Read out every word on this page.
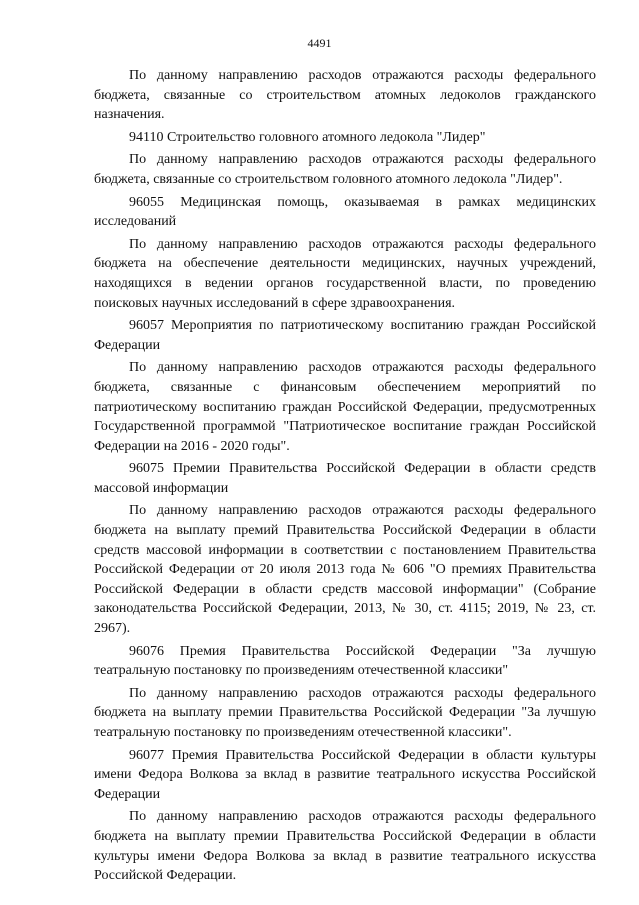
4491

По данному направлению расходов отражаются расходы федерального бюджета, связанные со строительством атомных ледоколов гражданского назначения.

94110 Строительство головного атомного ледокола "Лидер"

По данному направлению расходов отражаются расходы федерального бюджета, связанные со строительством головного атомного ледокола "Лидер".

96055 Медицинская помощь, оказываемая в рамках медицинских исследований

По данному направлению расходов отражаются расходы федерального бюджета на обеспечение деятельности медицинских, научных учреждений, находящихся в ведении органов государственной власти, по проведению поисковых научных исследований в сфере здравоохранения.

96057 Мероприятия по патриотическому воспитанию граждан Российской Федерации

По данному направлению расходов отражаются расходы федерального бюджета, связанные с финансовым обеспечением мероприятий по патриотическому воспитанию граждан Российской Федерации, предусмотренных Государственной программой "Патриотическое воспитание граждан Российской Федерации на 2016 - 2020 годы".

96075 Премии Правительства Российской Федерации в области средств массовой информации

По данному направлению расходов отражаются расходы федерального бюджета на выплату премий Правительства Российской Федерации в области средств массовой информации в соответствии с постановлением Правительства Российской Федерации от 20 июля 2013 года № 606 "О премиях Правительства Российской Федерации в области средств массовой информации" (Собрание законодательства Российской Федерации, 2013, № 30, ст. 4115; 2019, № 23, ст. 2967).

96076 Премия Правительства Российской Федерации "За лучшую театральную постановку по произведениям отечественной классики"

По данному направлению расходов отражаются расходы федерального бюджета на выплату премии Правительства Российской Федерации "За лучшую театральную постановку по произведениям отечественной классики".

96077 Премия Правительства Российской Федерации в области культуры имени Федора Волкова за вклад в развитие театрального искусства Российской Федерации

По данному направлению расходов отражаются расходы федерального бюджета на выплату премии Правительства Российской Федерации в области культуры имени Федора Волкова за вклад в развитие театрального искусства Российской Федерации.
